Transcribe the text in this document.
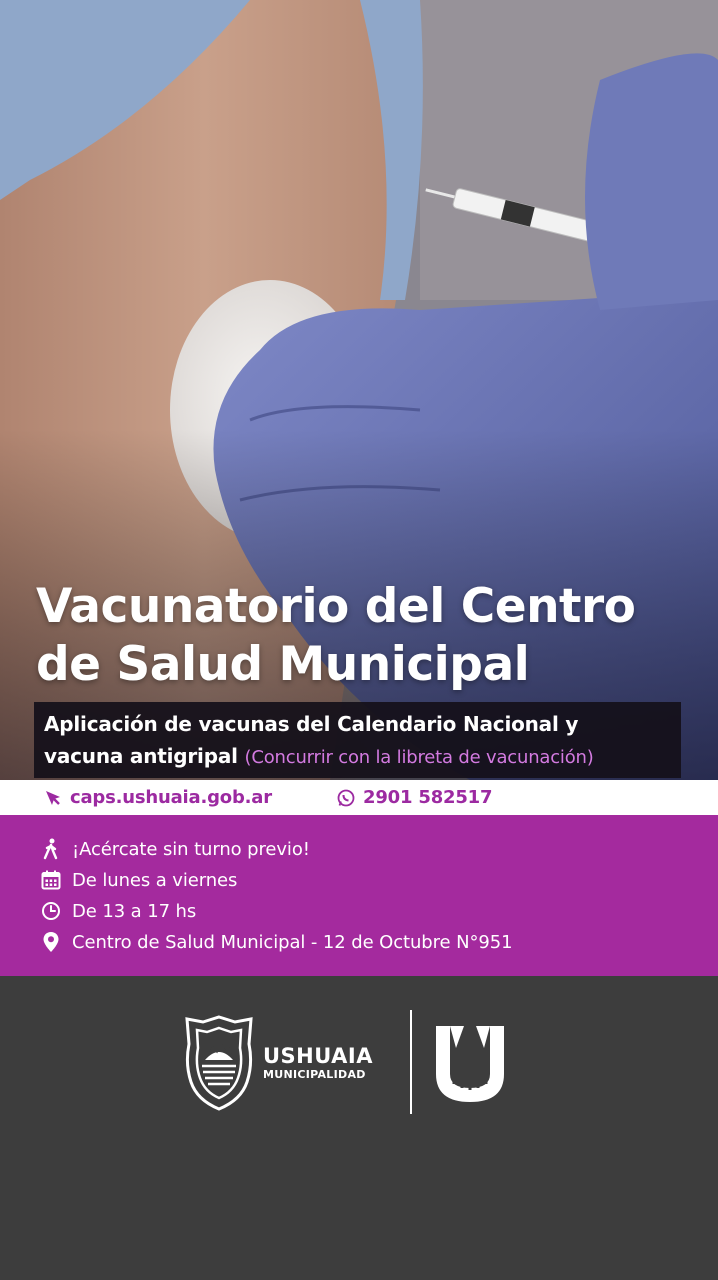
Vacunatorio del Centro
de Salud Municipal
Aplicación de vacunas del Calendario Nacional y
vacuna antigripal (Concurrir con la libreta de vacunación)
caps.ushuaia.gob.ar	2901 582517
¡Acércate sin turno previo!
De lunes a viernes
De 13 a 17 hs
Centro de Salud Municipal - 12 de Octubre N°951
USHUAIA
MUNICIPALIDAD
